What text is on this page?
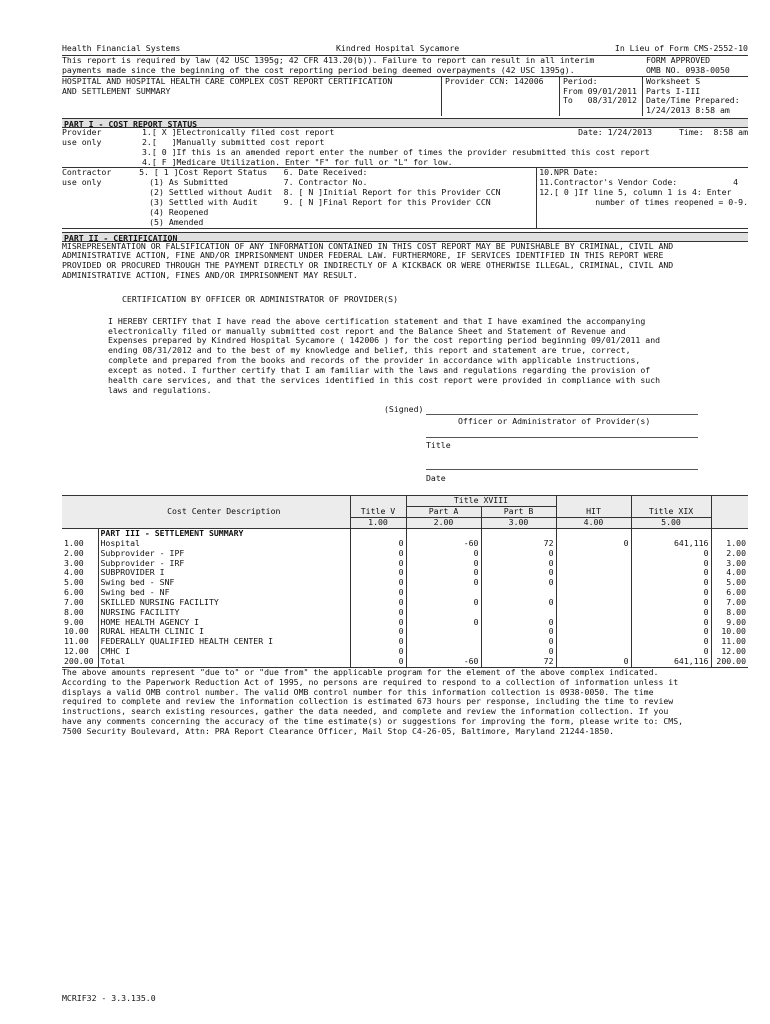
Health Financial Systems	Kindred Hospital Sycamore	In Lieu of Form CMS-2552-10
This report is required by law (42 USC 1395g; 42 CFR 413.20(b)). Failure to report can result in all interim
payments made since the beginning of the cost reporting period being deemed overpayments (42 USC 1395g).
FORM APPROVED
OMB NO. 0938-0050
HOSPITAL AND HOSPITAL HEALTH CARE COMPLEX COST REPORT CERTIFICATION
AND SETTLEMENT SUMMARY
Provider CCN: 142006	Period:
From 09/01/2011
To   08/31/2012
Worksheet S
Parts I-III
Date/Time Prepared:
1/24/2013 8:58 am
PART I - COST REPORT STATUS
Provider
use only
1.[ X ]Electronically filed cost report	Date: 1/24/2013	Time:  8:58 am
2.[   ]Manually submitted cost report
3.[ 0 ]If this is an amended report enter the number of times the provider resubmitted this cost report
4.[ F ]Medicare Utilization. Enter "F" for full or "L" for low.
Contractor
use only
5. [ 1 ]Cost Report Status
(1) As Submitted
(2) Settled without Audit
(3) Settled with Audit
(4) Reopened
(5) Amended
6. Date Received:
7. Contractor No.
8. [ N ]Initial Report for this Provider CCN
9. [ N ]Final Report for this Provider CCN
10.NPR Date:
11.Contractor's Vendor Code:	4
12.[ 0 ]If line 5, column 1 is 4: Enter
number of times reopened = 0-9.
PART II - CERTIFICATION
MISREPRESENTATION OR FALSIFICATION OF ANY INFORMATION CONTAINED IN THIS COST REPORT MAY BE PUNISHABLE BY CRIMINAL, CIVIL AND
ADMINISTRATIVE ACTION, FINE AND/OR IMPRISONMENT UNDER FEDERAL LAW. FURTHERMORE, IF SERVICES IDENTIFIED IN THIS REPORT WERE
PROVIDED OR PROCURED THROUGH THE PAYMENT DIRECTLY OR INDIRECTLY OF A KICKBACK OR WERE OTHERWISE ILLEGAL, CRIMINAL, CIVIL AND
ADMINISTRATIVE ACTION, FINES AND/OR IMPRISONMENT MAY RESULT.
CERTIFICATION BY OFFICER OR ADMINISTRATOR OF PROVIDER(S)
I HEREBY CERTIFY that I have read the above certification statement and that I have examined the accompanying
electronically filed or manually submitted cost report and the Balance Sheet and Statement of Revenue and
Expenses prepared by Kindred Hospital Sycamore ( 142006 ) for the cost reporting period beginning 09/01/2011 and
ending 08/31/2012 and to the best of my knowledge and belief, this report and statement are true, correct,
complete and prepared from the books and records of the provider in accordance with applicable instructions,
except as noted. I further certify that I am familiar with the laws and regulations regarding the provision of
health care services, and that the services identified in this cost report were provided in compliance with such
laws and regulations.
(Signed)
Officer or Administrator of Provider(s)
Title
Date
			Title XVIII				
	Cost Center Description	Title V	Part A	Part B	HIT	Title XIX	
		1.00	2.00	3.00	4.00	5.00	
	PART III - SETTLEMENT SUMMARY						
1.00	Hospital	0	-60	72	0	641,116	1.00
2.00	Subprovider - IPF	0	0	0		0	2.00
3.00	Subprovider - IRF	0	0	0		0	3.00
4.00	SUBPROVIDER I	0	0	0		0	4.00
5.00	Swing bed - SNF	0	0	0		0	5.00
6.00	Swing bed - NF	0				0	6.00
7.00	SKILLED NURSING FACILITY	0	0	0		0	7.00
8.00	NURSING FACILITY	0				0	8.00
9.00	HOME HEALTH AGENCY I	0	0	0		0	9.00
10.00	RURAL HEALTH CLINIC I	0		0		0	10.00
11.00	FEDERALLY QUALIFIED HEALTH CENTER I	0		0		0	11.00
12.00	CMHC I	0		0		0	12.00
200.00	Total	0	-60	72	0	641,116	200.00
The above amounts represent "due to" or "due from" the applicable program for the element of the above complex indicated.
According to the Paperwork Reduction Act of 1995, no persons are required to respond to a collection of information unless it
displays a valid OMB control number. The valid OMB control number for this information collection is 0938-0050. The time
required to complete and review the information collection is estimated 673 hours per response, including the time to review
instructions, search existing resources, gather the data needed, and complete and review the information collection. If you
have any comments concerning the accuracy of the time estimate(s) or suggestions for improving the form, please write to: CMS,
7500 Security Boulevard, Attn: PRA Report Clearance Officer, Mail Stop C4-26-05, Baltimore, Maryland 21244-1850.
MCRIF32 - 3.3.135.0
